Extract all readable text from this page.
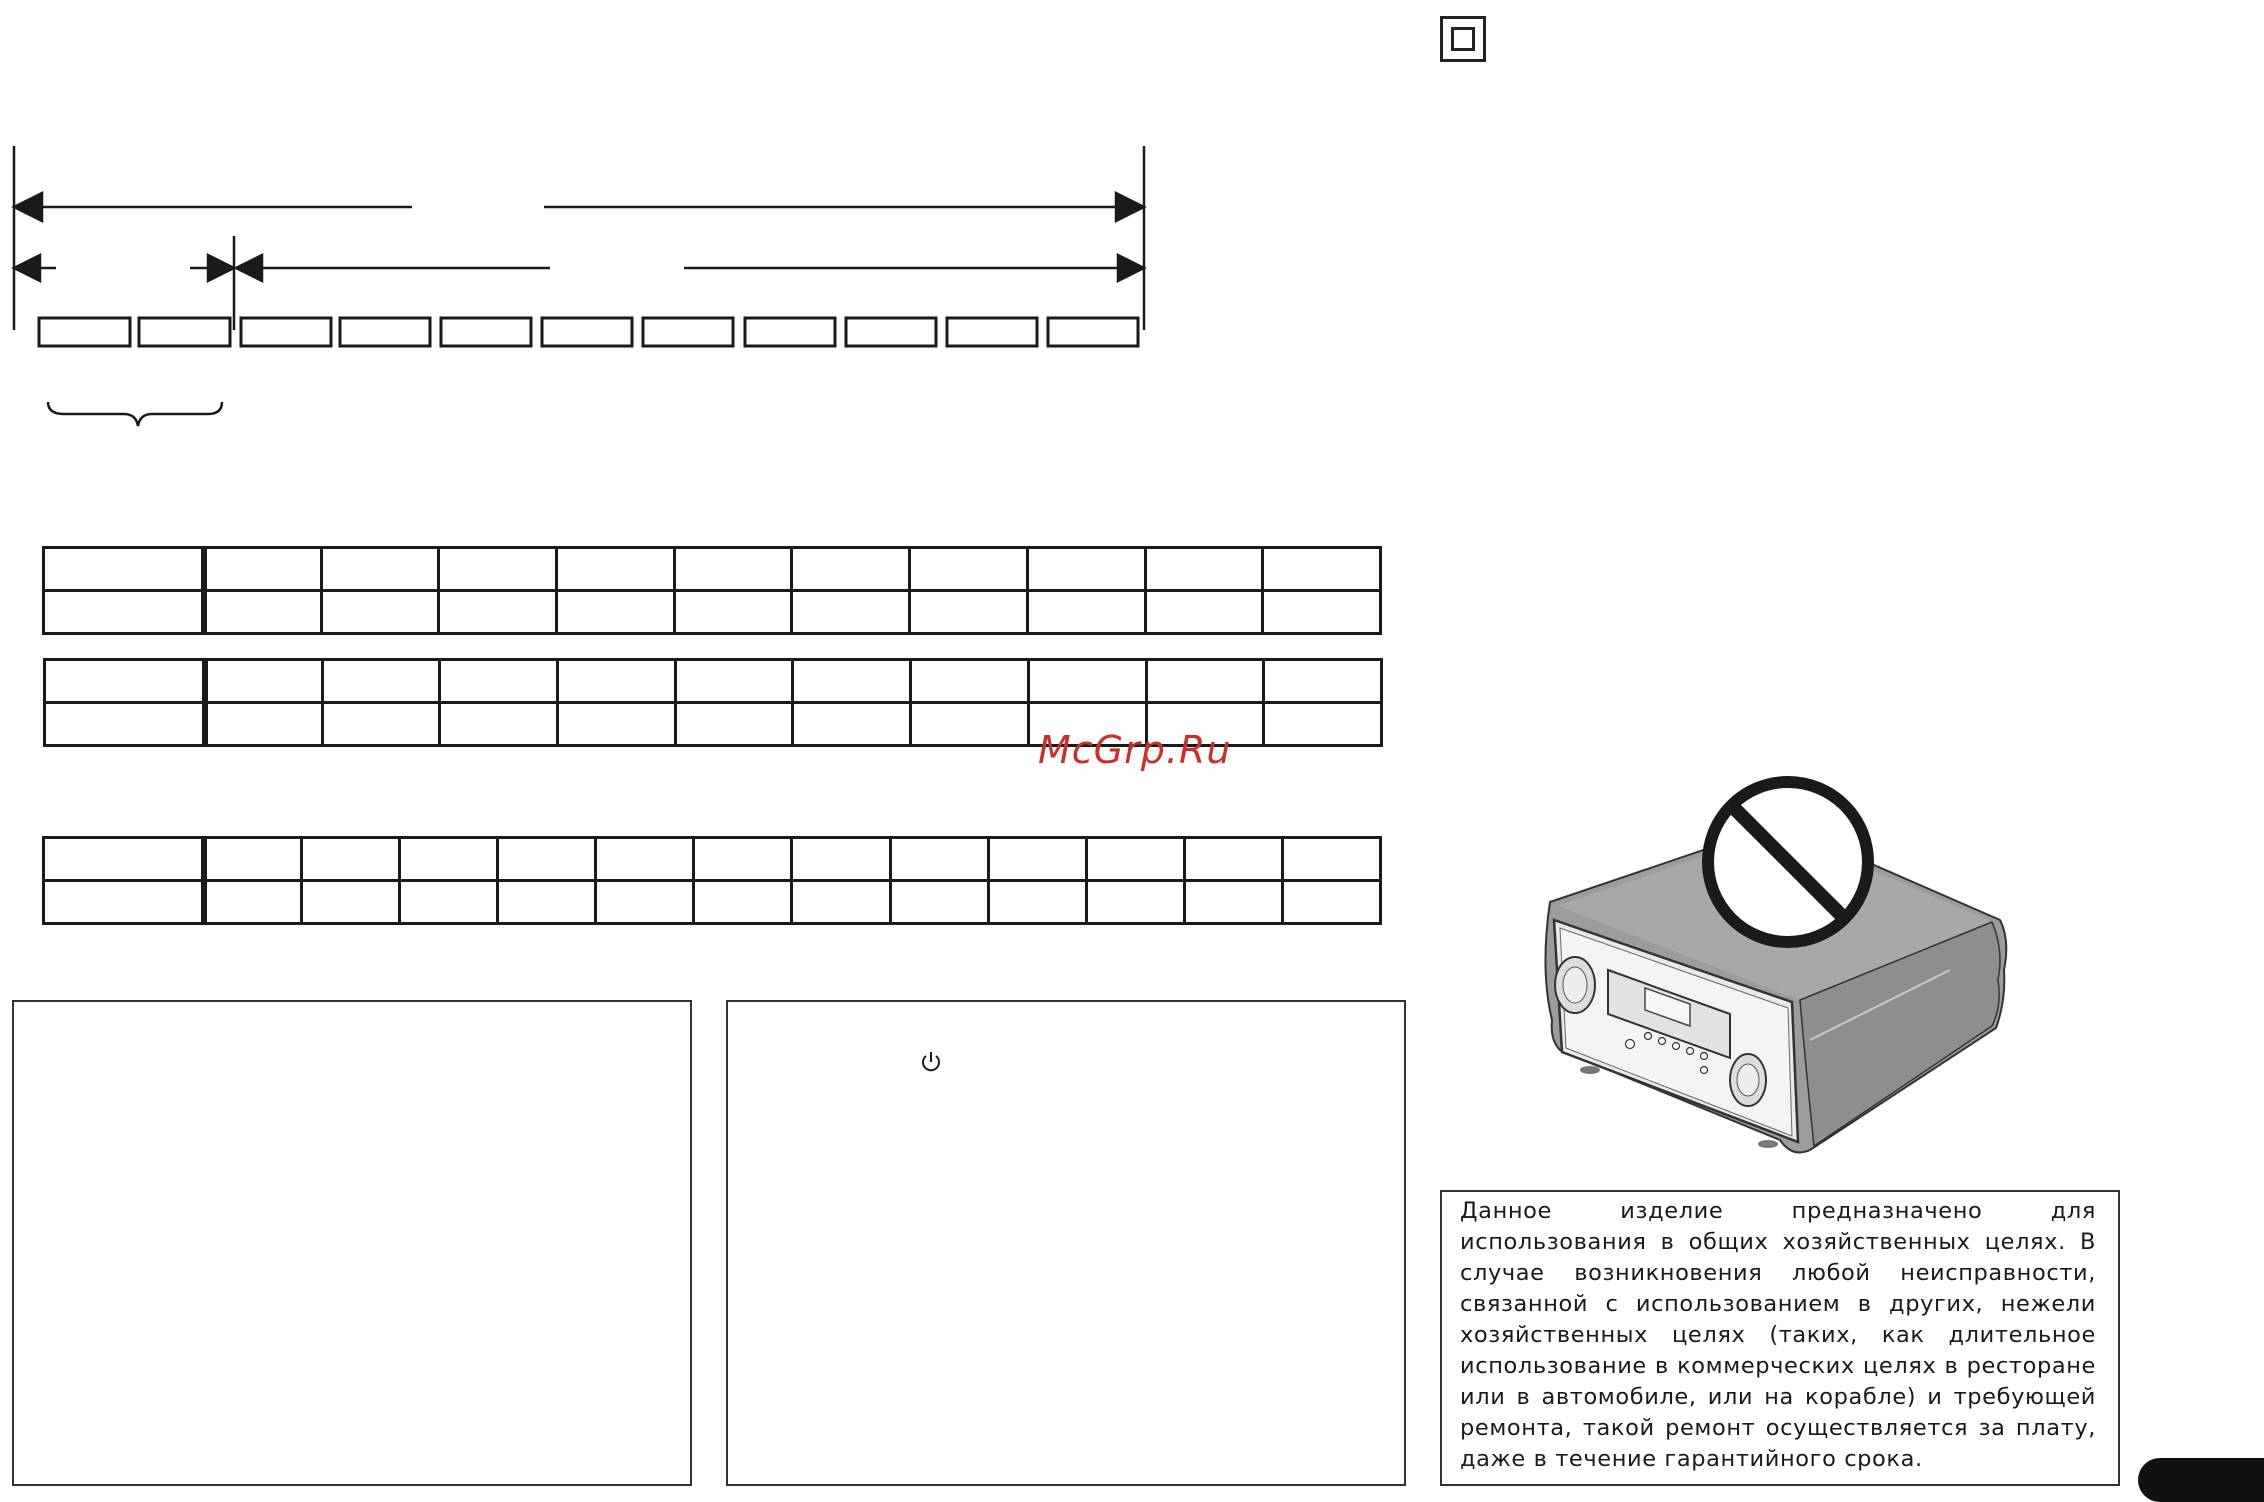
McGrp.Ru
Данное изделие предназначено для использования в общих хозяйственных целях. В случае возникновения любой неисправности, связанной с использованием в других, нежели хозяйственных целях (таких, как длительное использование в коммерческих целях в ресторане или в автомобиле, или на корабле) и требующей ремонта, такой ремонт осуществляется за плату, даже в течение гарантийного срока.
